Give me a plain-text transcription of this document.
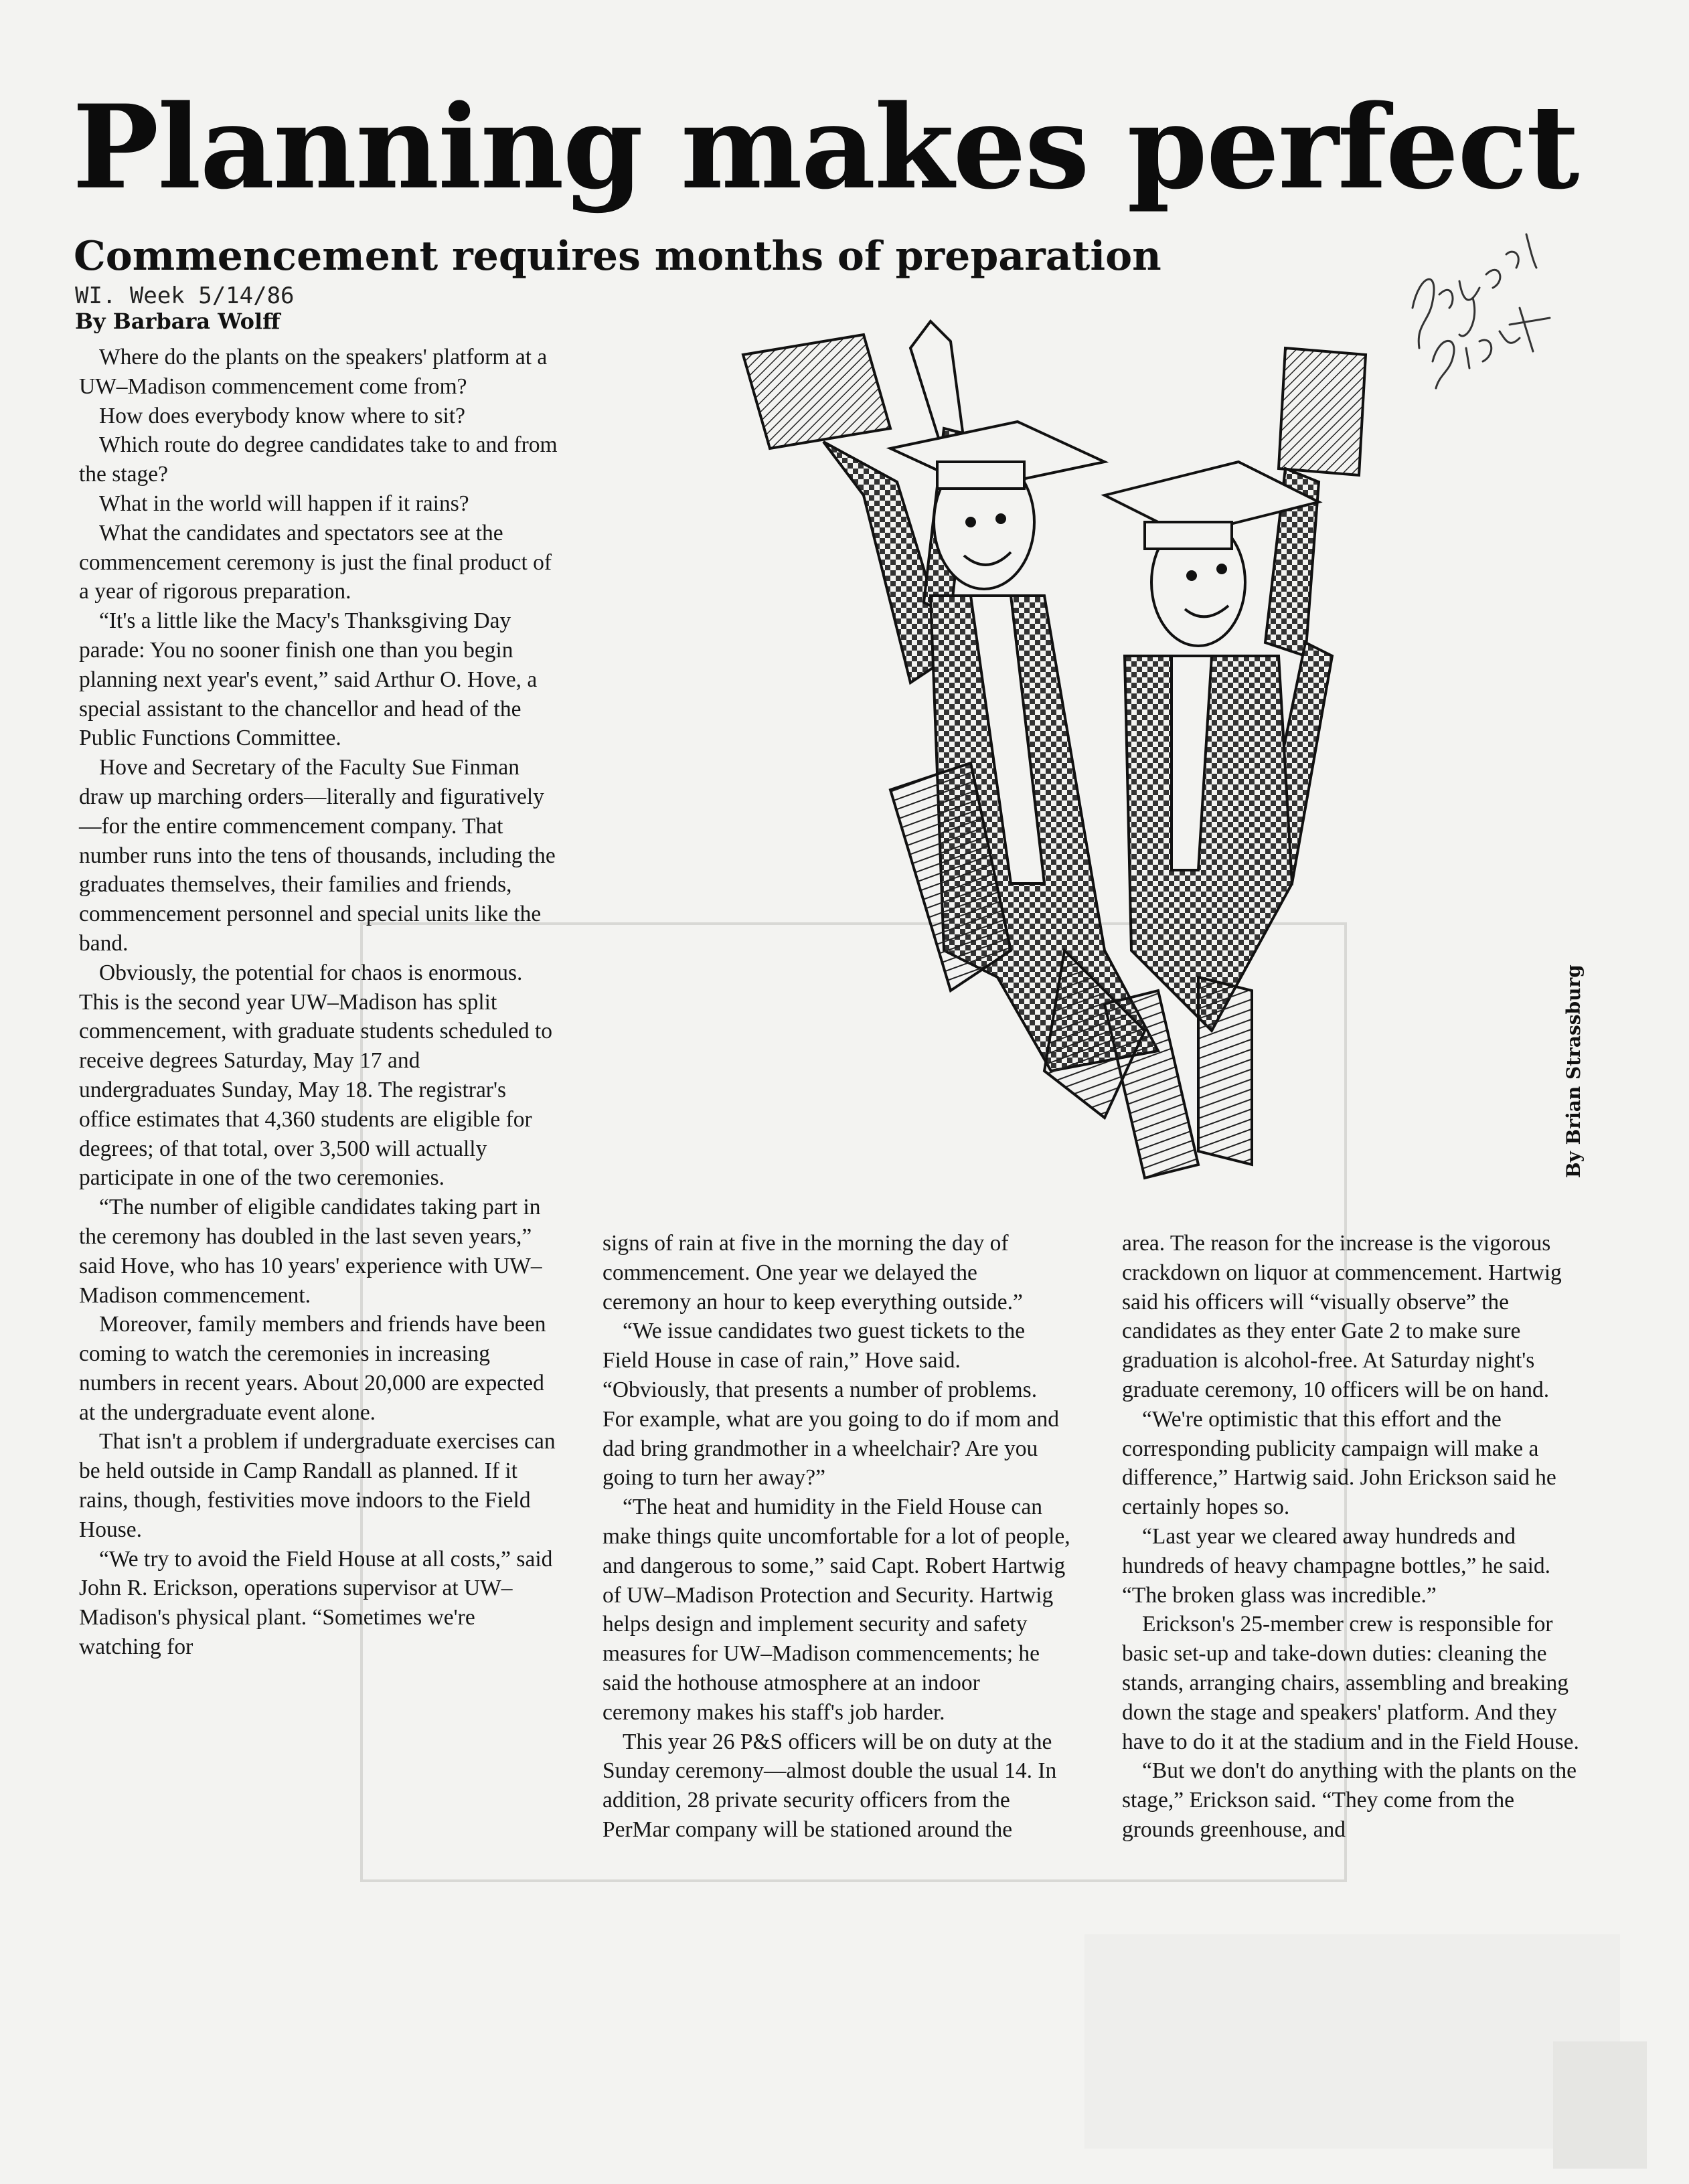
Planning makes perfect
Commencement requires months of preparation
WI. Week 5/14/86
By Barbara Wolff

Where do the plants on the speakers' platform at a UW–Madison commencement come from?

How does everybody know where to sit?

Which route do degree candidates take to and from the stage?

What in the world will happen if it rains?

What the candidates and spectators see at the commencement ceremony is just the final product of a year of rigorous preparation.

“It's a little like the Macy's Thanksgiving Day parade: You no sooner finish one than you begin planning next year's event,” said Arthur O. Hove, a special assistant to the chancellor and head of the Public Functions Committee.

Hove and Secretary of the Faculty Sue Finman draw up marching orders—literally and figuratively—for the entire commencement company. That number runs into the tens of thousands, including the graduates themselves, their families and friends, commencement personnel and special units like the band.

Obviously, the potential for chaos is enormous. This is the second year UW–Madison has split commencement, with graduate students scheduled to receive degrees Saturday, May 17 and undergraduates Sunday, May 18. The registrar's office estimates that 4,360 students are eligible for degrees; of that total, over 3,500 will actually participate in one of the two ceremonies.

“The number of eligible candidates taking part in the ceremony has doubled in the last seven years,” said Hove, who has 10 years' experience with UW–Madison commencement.

Moreover, family members and friends have been coming to watch the ceremonies in increasing numbers in recent years. About 20,000 are expected at the undergraduate event alone.

That isn't a problem if undergraduate exercises can be held outside in Camp Randall as planned. If it rains, though, festivities move indoors to the Field House.

“We try to avoid the Field House at all costs,” said John R. Erickson, operations supervisor at UW–Madison's physical plant. “Sometimes we're watching for

signs of rain at five in the morning the day of commencement. One year we delayed the ceremony an hour to keep everything outside.”

“We issue candidates two guest tickets to the Field House in case of rain,” Hove said. “Obviously, that presents a number of problems. For example, what are you going to do if mom and dad bring grandmother in a wheelchair? Are you going to turn her away?”

“The heat and humidity in the Field House can make things quite uncomfortable for a lot of people, and dangerous to some,” said Capt. Robert Hartwig of UW–Madison Protection and Security. Hartwig helps design and implement security and safety measures for UW–Madison commencements; he said the hothouse atmosphere at an indoor ceremony makes his staff's job harder.

This year 26 P&S officers will be on duty at the Sunday ceremony—almost double the usual 14. In addition, 28 private security officers from the PerMar company will be stationed around the

area. The reason for the increase is the vigorous crackdown on liquor at commencement. Hartwig said his officers will “visually observe” the candidates as they enter Gate 2 to make sure graduation is alcohol-free. At Saturday night's graduate ceremony, 10 officers will be on hand.

“We're optimistic that this effort and the corresponding publicity campaign will make a difference,” Hartwig said. John Erickson said he certainly hopes so.

“Last year we cleared away hundreds and hundreds of heavy champagne bottles,” he said. “The broken glass was incredible.”

Erickson's 25-member crew is responsible for basic set-up and take-down duties: cleaning the stands, arranging chairs, assembling and breaking down the stage and speakers' platform. And they have to do it at the stadium and in the Field House.

“But we don't do anything with the plants on the stage,” Erickson said. “They come from the grounds greenhouse, and

By Brian Strassburg
